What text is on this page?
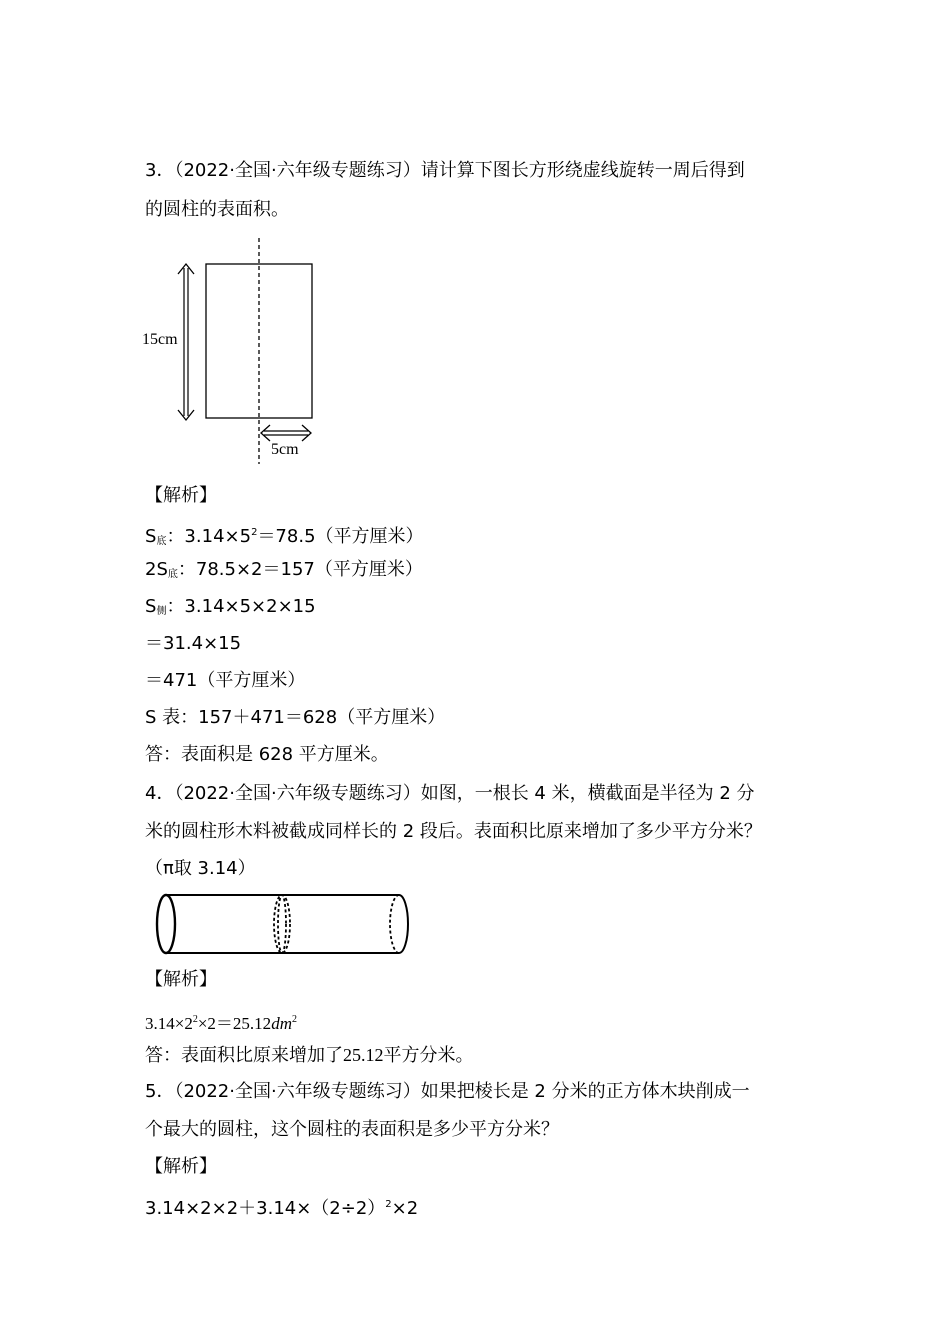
3．（2022·全国·六年级专题练习）请计算下图长方形绕虚线旋转一周后得到
的圆柱的表面积。
15cm
5cm
【解析】
$S_底$：$3.14\times 5^2=78.5$（平方厘米）
$2S_底$：78.5×2＝157（平方厘米）
$S_侧$：3.14×5×2×15
＝31.4×15
＝471（平方厘米）
S 表：157＋471＝628（平方厘米）
答：表面积是 628 平方厘米。
4．（2022·全国·六年级专题练习）如图，一根长 4 米，横截面是半径为 2 分
米的圆柱形木料被截成同样长的 2 段后。表面积比原来增加了多少平方分米？
（π取 3.14）
【解析】
$3.14\times 2^2\times 2=25.12dm^2$
答：表面积比原来增加了25.12平方分米。
5．（2022·全国·六年级专题练习）如果把棱长是 2 分米的正方体木块削成一
个最大的圆柱，这个圆柱的表面积是多少平方分米？
【解析】
$3.14\times 2\times 2+3.14\times(2\div 2)^2\times 2$
